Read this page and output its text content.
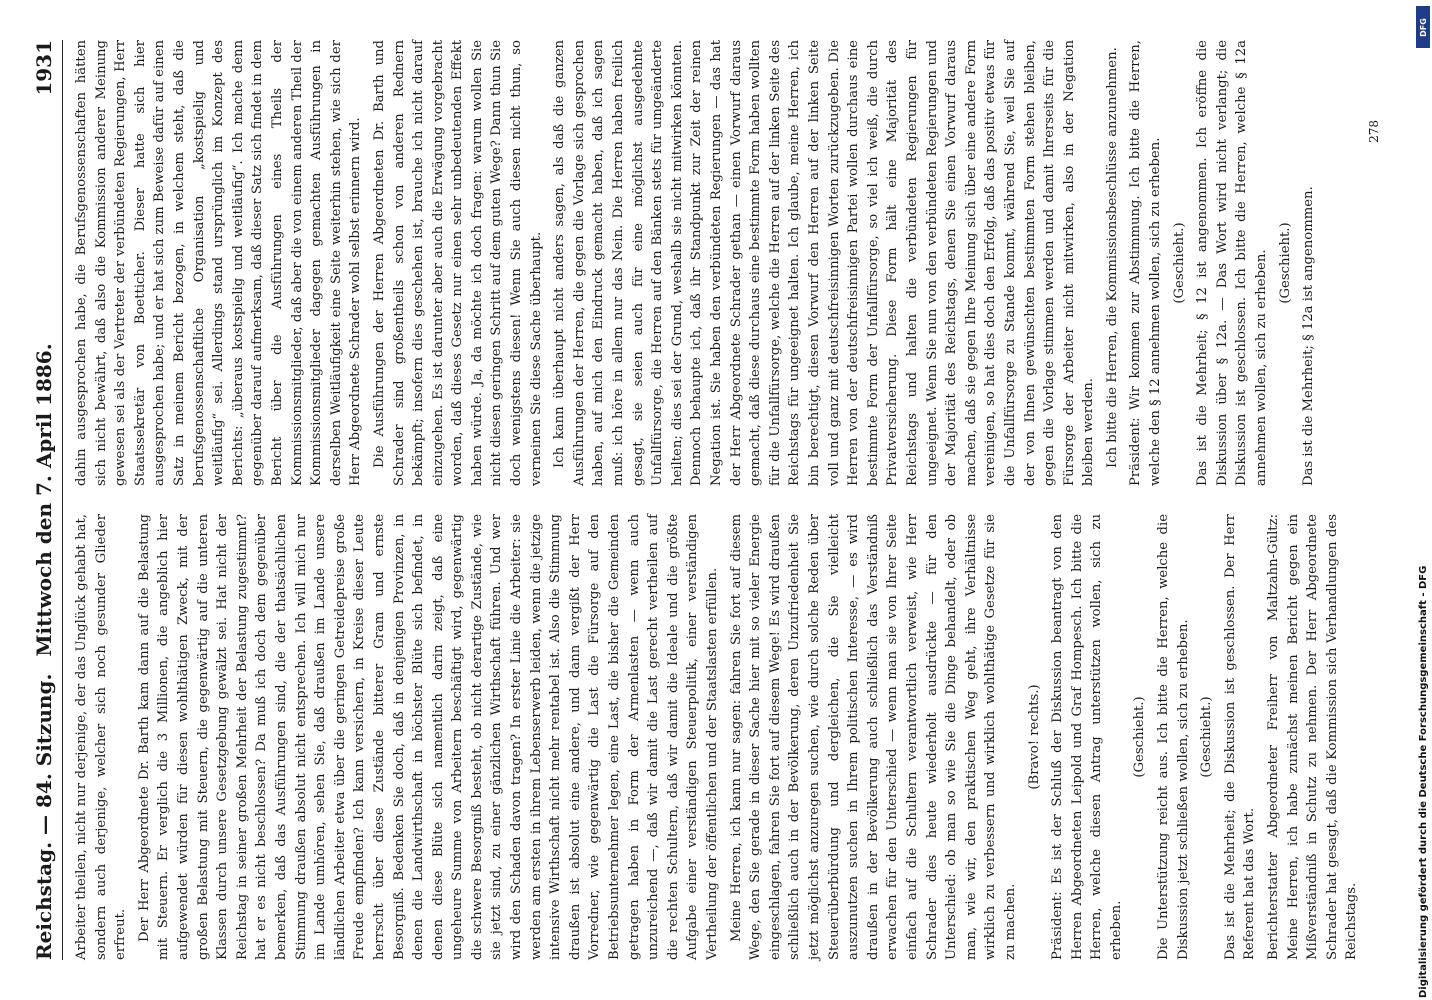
Reichstag. — 84. Sitzung.
Mittwoch den 7. April 1886.
1931

Arbeiter theilen, nicht nur derjenige, der das Unglück gehabt hat, sondern auch derjenige, welcher sich noch gesunder Glieder erfreut. Der Herr Abgeordnete Dr. Barth kam dann auf die Belastung mit Steuern. Er verglich die 3 Millionen, die angeblich hier aufgewendet würden für diesen wohlthätigen Zweck, mit der großen Belastung mit Steuern, die gegenwärtig auf die unteren Klassen durch unsere Gesetzgebung gewälzt sei. Hat nicht der Reichstag in seiner großen Mehrheit der Belastung zugestimmt? hat er es nicht beschlossen? Da muß ich doch dem gegenüber bemerken, daß das Ausführungen sind, die der thatsächlichen Stimmung draußen absolut nicht entsprechen. Ich will mich nur im Lande umhören, sehen Sie, daß draußen im Lande unsere ländlichen Arbeiter etwa über die geringen Getreidepreise große Freude empfinden? Ich kann versichern, in Kreise dieser Leute herrscht über diese Zustände bitterer Gram und ernste Besorgniß. Bedenken Sie doch, daß in denjenigen Provinzen, in denen die Landwirthschaft in höchster Blüte sich befindet, in denen diese Blüte sich namentlich darin zeigt, daß eine ungeheure Summe von Arbeitern beschäftigt wird, gegenwärtig die schwere Besorgniß besteht, ob nicht derartige Zustände, wie sie jetzt sind, zu einer gänzlichen Wirthschaft führen. Und wer wird den Schaden davon tragen? In erster Linie die Arbeiter: sie werden am ersten in ihrem Lebenserwerb leiden, wenn die jetzige intensive Wirthschaft nicht mehr rentabel ist. Also die Stimmung draußen ist absolut eine andere, und dann vergißt der Herr Vorredner, wie gegenwärtig die Last die Fürsorge auf den Betriebsunternehmer legen, eine Last, die bisher die Gemeinden getragen haben in Form der Armenlasten — wenn auch unzureichend —, daß wir damit die Last gerecht vertheilen auf die rechten Schultern, daß wir damit die Ideale und die größte Aufgabe einer verständigen Steuerpolitik, einer verständigen Vertheilung der öffentlichen und der Staatslasten erfüllen. Meine Herren, ich kann nur sagen: fahren Sie fort auf diesem Wege, den Sie gerade in dieser Sache hier mit so vieler Energie eingeschlagen, fahren Sie fort auf diesem Wege! Es wird draußen schließlich auch in der Bevölkerung, deren Unzufriedenheit Sie jetzt möglichst anzuregen suchen, wie durch solche Reden über Steuerüberbürdung und dergleichen, die Sie vielleicht auszunutzen suchen in Ihrem politischen Interesse, — es wird draußen in der Bevölkerung auch schließlich das Verständniß erwachen für den Unterschied — wenn man sie von Ihrer Seite einfach auf die Schultern verantwortlich verweist, wie Herr Schrader dies heute wiederholt ausdrückte — für den Unterschied: ob man so wie Sie die Dinge behandelt, oder ob man, wie wir, den praktischen Weg geht, ihre Verhältnisse wirklich zu verbessern und wirklich wohlthätige Gesetze für sie zu machen.

(Bravo! rechts.) Präsident: Es ist der Schluß der Diskussion beantragt von den Herren Abgeordneten Leipold und Graf Hompesch. Ich bitte die Herren, welche diesen Antrag unterstützen wollen, sich zu erheben.

(Geschieht.) Die Unterstützung reicht aus. Ich bitte die Herren, welche die Diskussion jetzt schließen wollen, sich zu erheben. (Geschieht.) Das ist die Mehrheit; die Diskussion ist geschlossen. Der Herr Referent hat das Wort. Berichterstatter Abgeordneter Freiherr von Maltzahn-Gültz: Meine Herren, ich habe zunächst meinen Bericht gegen ein Mißverständniß in Schutz zu nehmen. Der Herr Abgeordnete Schrader hat gesagt, daß die Kommission sich Verhandlungen des Reichstags.

dahin ausgesprochen habe, die Berufsgenossenschaften hätten sich nicht bewährt, daß also die Kommission anderer Meinung gewesen sei als der Vertreter der verbündeten Regierungen, Herr Staatssekretär von Boetticher. Dieser hatte sich hier ausgesprochen habe; und er hat sich zum Beweise dafür auf einen Satz in meinem Bericht bezogen, in welchem steht, daß die berufsgenossenschaftliche Organisation „kostspielig und weitläufig“ sei. Allerdings stand ursprünglich im Konzept des Berichts: „überaus kostspielig und weitläufig“. Ich mache denn gegenüber darauf aufmerksam, daß dieser Satz sich findet in dem Bericht über die Ausführungen eines Theils der Kommissionsmitglieder, daß aber die von einem anderen Theil der Kommissionsmitglieder dagegen gemachten Ausführungen in derselben Weitläufigkeit eine Seite weiterhin stehen, wie sich der Herr Abgeordnete Schrader wohl selbst erinnern wird. Die Ausführungen der Herren Abgeordneten Dr. Barth und Schrader sind großentheils schon von anderen Rednern bekämpft; insofern dies geschehen ist, brauche ich nicht darauf einzugehen. Es ist darunter aber auch die Erwägung vorgebracht worden, daß dieses Gesetz nur einen sehr unbedeutenden Effekt haben würde. Ja, da möchte ich doch fragen: warum wollen Sie nicht diesen geringen Schritt auf dem guten Wege? Dann thun Sie doch wenigstens diesen! Wenn Sie auch diesen nicht thun, so verneinen Sie diese Sache überhaupt. Ich kann überhaupt nicht anders sagen, als daß die ganzen Ausführungen der Herren, die gegen die Vorlage sich gesprochen haben, auf mich den Eindruck gemacht haben, daß ich sagen muß: ich höre in allem nur das Nein. Die Herren haben freilich gesagt, sie seien auch für eine möglichst ausgedehnte Unfallfürsorge, die Herren auf den Bänken stets für umgeänderte heilten; dies sei der Grund, weshalb sie nicht mitwirken könnten. Dennoch behaupte ich, daß ihr Standpunkt zur Zeit der reinen Negation ist. Sie haben den verbündeten Regierungen — das hat der Herr Abgeordnete Schrader gethan — einen Vorwurf daraus gemacht, daß diese durchaus eine bestimmte Form haben wollten für die Unfallfürsorge, welche die Herren auf der linken Seite des Reichstags für ungeeignet halten. Ich glaube, meine Herren, ich bin berechtigt, diesen Vorwurf den Herren auf der linken Seite voll und ganz mit deutschfreisinnigen Worten zurückzugeben. Die Herren von der deutschfreisinnigen Partei wollen durchaus eine bestimmte Form der Unfallfürsorge, so viel ich weiß, die durch Privatversicherung. Diese Form hält eine Majorität des Reichstags und halten die verbündeten Regierungen für ungeeignet. Wenn Sie nun von den verbündeten Regierungen und der Majorität des Reichstags, denen Sie einen Vorwurf daraus machen, daß sie gegen Ihre Meinung sich über eine andere Form vereinigen, so hat dies doch den Erfolg, daß das positiv etwas für die Unfallfürsorge zu Stande kommt, während Sie, weil Sie auf der von Ihnen gewünschten bestimmten Form stehen bleiben, gegen die Vorlage stimmen werden und damit Ihrerseits für die Fürsorge der Arbeiter nicht mitwirken, also in der Negation bleiben werden. Ich bitte die Herren, die Kommissionsbeschlüsse anzunehmen. Präsident: Wir kommen zur Abstimmung. Ich bitte die Herren, welche den § 12 annehmen wollen, sich zu erheben. (Geschieht.) Das ist die Mehrheit; § 12 ist angenommen. Ich eröffne die Diskussion über § 12a. — Das Wort wird nicht verlangt; die Diskussion ist geschlossen. Ich bitte die Herren, welche § 12a annehmen wollen, sich zu erheben. (Geschieht.) Das ist die Mehrheit; § 12a ist angenommen.

278
Digitalisierung gefördert durch die Deutsche Forschungsgemeinschaft - DFG
DFG
